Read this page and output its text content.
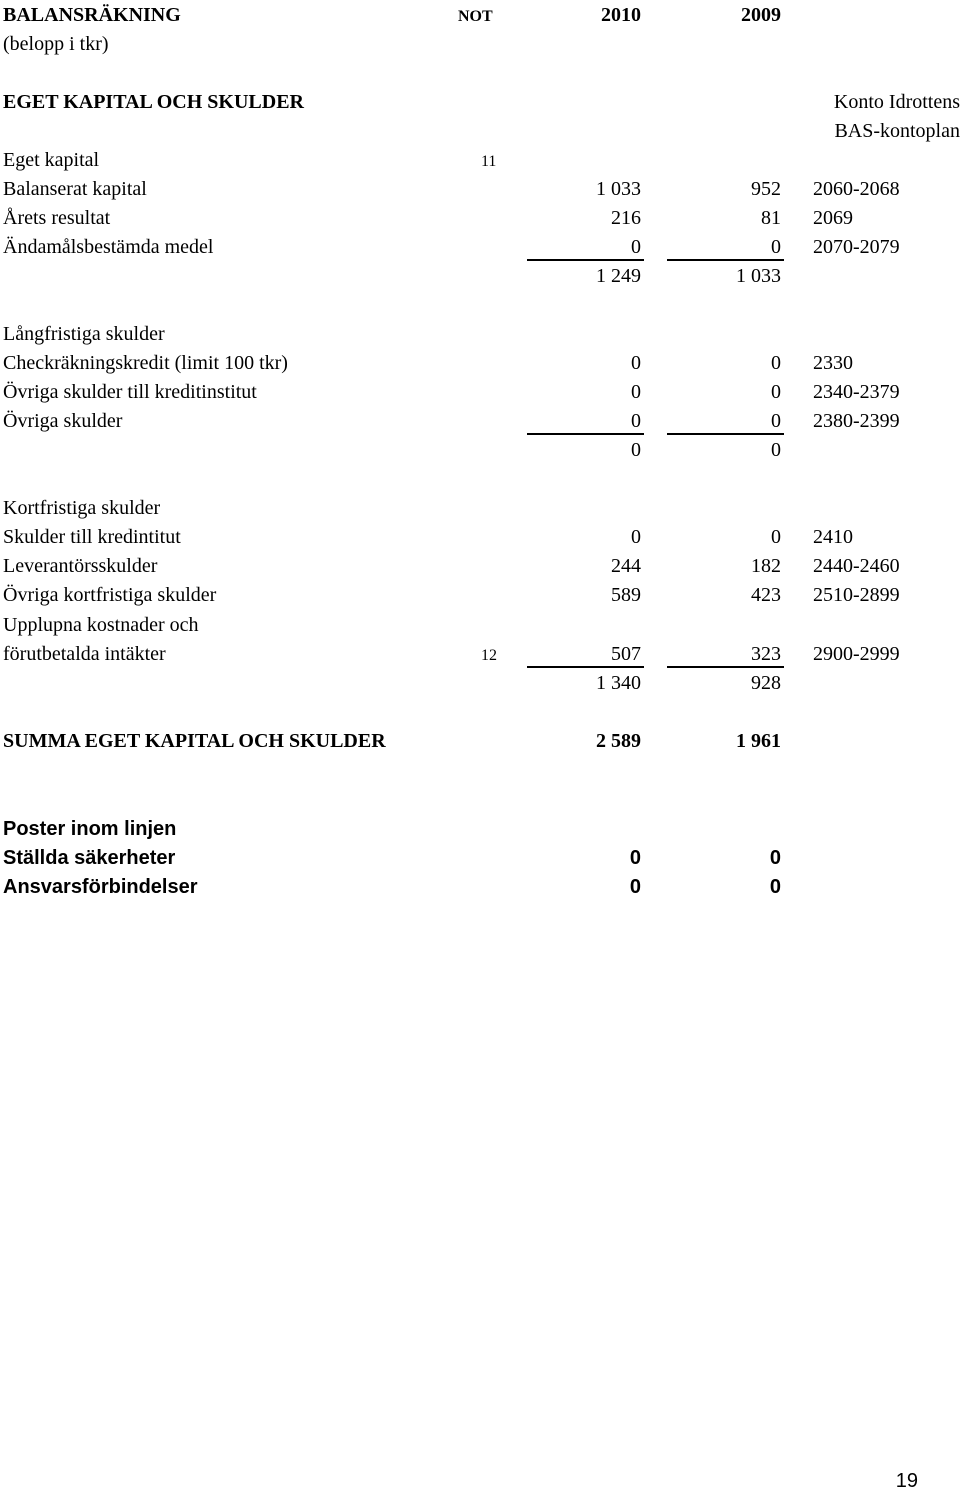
BALANSRÄKNING
(belopp i tkr)
NOT	2010	2009
EGET KAPITAL OCH SKULDER	Konto Idrottens
BAS-kontoplan
Eget kapital	11
Balanserat kapital	1 033	952 2060-2068
Årets resultat	216	81 2069
Ändamålsbestämda medel	0	0 2070-2079
1 249	1 033
Långfristiga skulder
Checkräkningskredit (limit 100 tkr)	0	0 2330
Övriga skulder till kreditinstitut	0	0 2340-2379
Övriga skulder	0	0 2380-2399
0	0
Kortfristiga skulder
Skulder till kredintitut	0	0 2410
Leverantörsskulder	244	182 2440-2460
Övriga kortfristiga skulder	589	423 2510-2899
Upplupna kostnader och
förutbetalda intäkter	12	507	323 2900-2999
1 340	928
SUMMA EGET KAPITAL OCH SKULDER	2 589	1 961
Poster inom linjen
Ställda säkerheter	0	0
Ansvarsförbindelser	0	0
19
